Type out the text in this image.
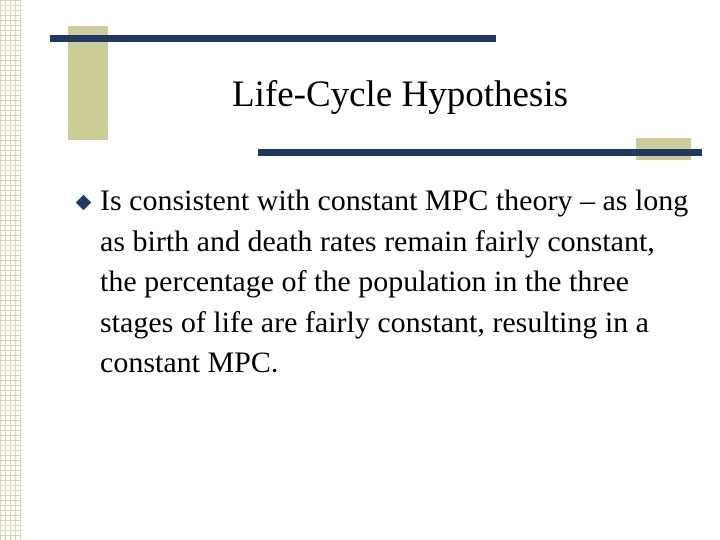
Life-Cycle Hypothesis

Is consistent with constant MPC theory – as long as birth and death rates remain fairly constant, the percentage of the population in the three stages of life are fairly constant, resulting in a constant MPC.
